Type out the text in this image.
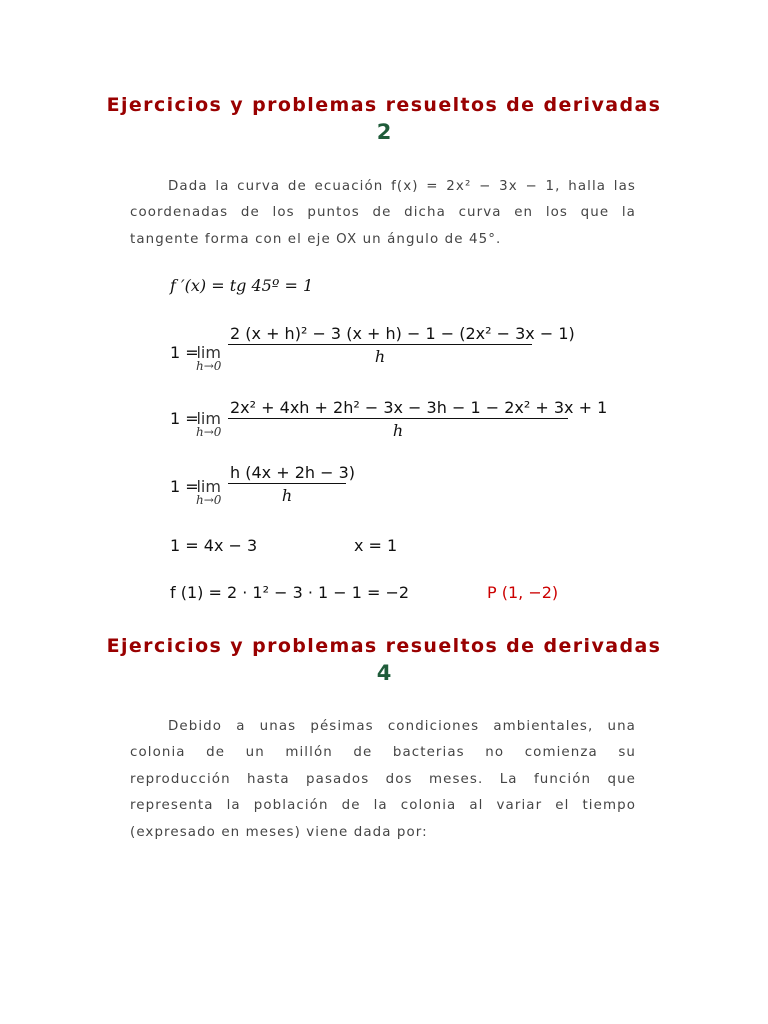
Ejercicios y problemas resueltos de derivadas
2
Dada la curva de ecuación f(x) = 2x² − 3x − 1, halla las
coordenadas de los puntos de dicha curva en los que la
tangente forma con el eje OX un ángulo de 45°.
f ′(x) = tg 45º = 1
1 =
lim
$h\to 0 \frac{\text{2 (x + h)² − 3 (x + h) − 1 − (2x² − 3x − 1)}}{h}$
1 =
lim
$h\to 0 \frac{\text{2x² + 4xh + 2h² − 3x − 3h − 1 − 2x² + 3x + 1}}{h}$
1 =
lim
$h\to 0 \frac{h (4x + 2h - 3)}{h}$
1 = 4x − 3	x = 1
f (1) = 2 · 1² − 3 · 1 − 1 = −2	P (1, −2)
Ejercicios y problemas resueltos de derivadas
4
Debido a unas pésimas condiciones ambientales, una
colonia de un millón de bacterias no comienza su
reproducción hasta pasados dos meses. La función que
representa la población de la colonia al variar el tiempo
(expresado en meses) viene dada por:
